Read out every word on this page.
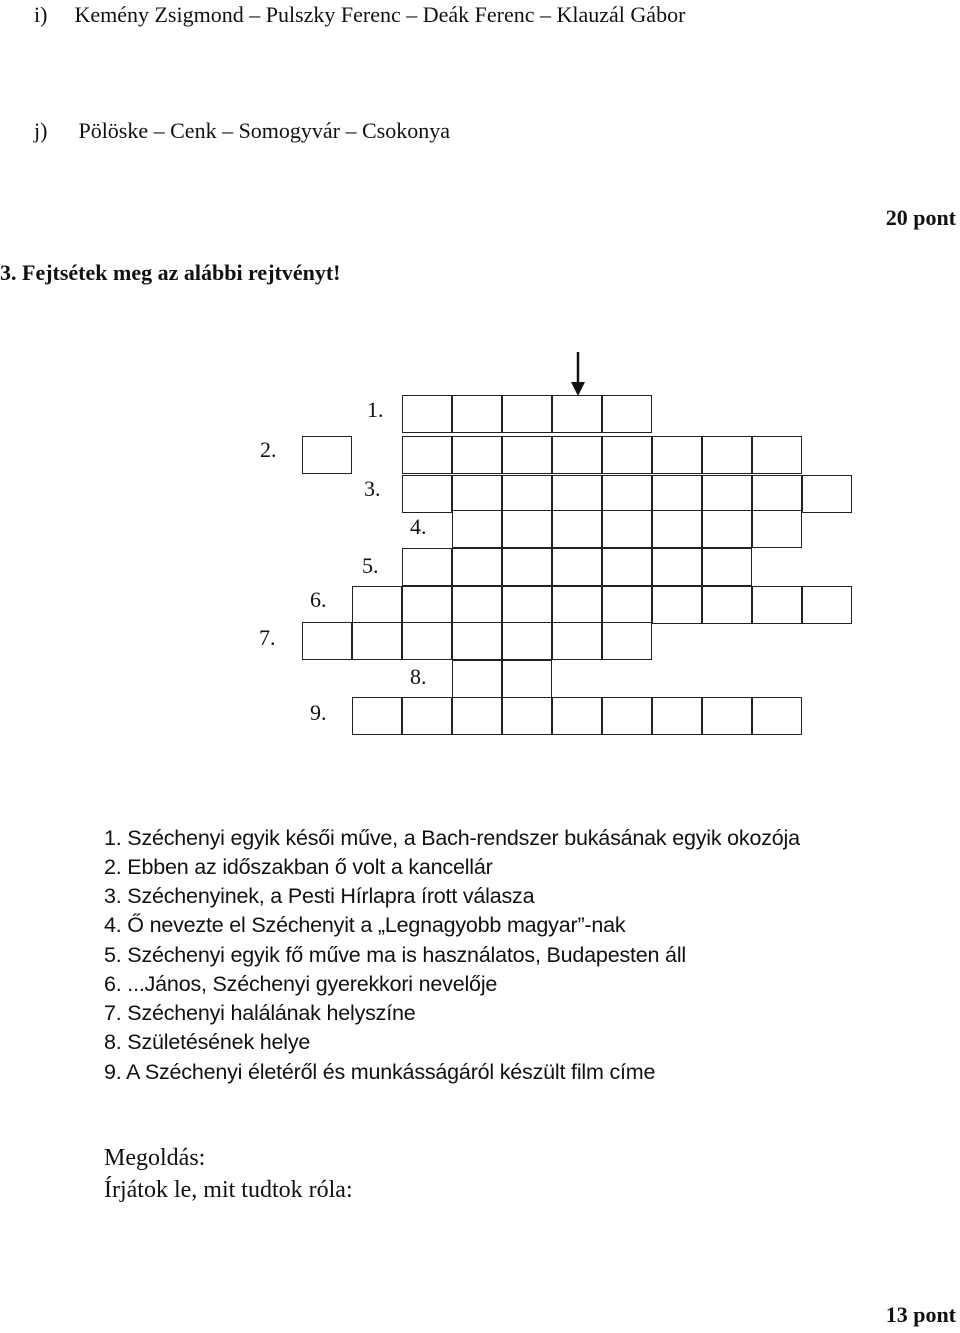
i) Kemény Zsigmond – Pulszky Ferenc – Deák Ferenc – Klauzál Gábor
j) Pölöske – Cenk – Somogyvár – Csokonya
20 pont
3. Fejtsétek meg az alábbi rejtvényt!
1.
2.
3.
4.
5.
6.
7.
8.
9.
1. Széchenyi egyik késői műve, a Bach-rendszer bukásának egyik okozója
2. Ebben az időszakban ő volt a kancellár
3. Széchenyinek, a Pesti Hírlapra írott válasza
4. Ő nevezte el Széchenyit a „Legnagyobb magyar”-nak
5. Széchenyi egyik fő műve ma is használatos, Budapesten áll
6. ...János, Széchenyi gyerekkori nevelője
7. Széchenyi halálának helyszíne
8. Születésének helye
9. A Széchenyi életéről és munkásságáról készült film címe
Megoldás:
Írjátok le, mit tudtok róla:
13 pont
